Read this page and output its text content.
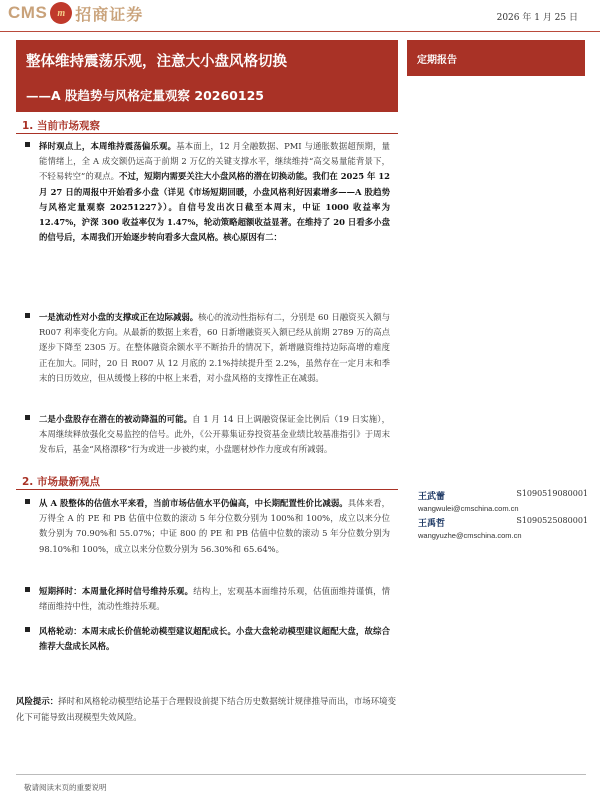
CMS m 招商证券	2026 年 1 月 25 日
整体维持震荡乐观，注意大小盘风格切换
——A 股趋势与风格定量观察 20260125
定期报告
1. 当前市场观察

择时观点上，本周维持震荡偏乐观。基本面上，12 月全融数据、PMI 与通胀数据超预期，量能情绪上，全 A 成交额仍远高于前期 2 万亿的关键支撑水平，继续维持“高交易量能背景下，不轻易转空”的观点。不过，短期内需要关注大小盘风格的潜在切换动能。我们在 2025 年 12 月 27 日的周报中开始看多小盘（详见《市场短期回暖，小盘风格利好因素增多——A 股趋势与风格定量观察 20251227》）。自信号发出次日截至本周末，中证 1000 收益率为 12.47%，沪深 300 收益率仅为 1.47%，轮动策略超额收益显著。在维持了 20 日看多小盘的信号后，本周我们开始逐步转向看多大盘风格。核心原因有二：

一是流动性对小盘的支撑或正在边际减弱。核心的流动性指标有二，分别是 60 日融资买入额与 R007 利率变化方向。从最新的数据上来看，60 日新增融资买入额已经从前期 2789 万的高点逐步下降至 2305 万。在整体融资余额水平不断抬升的情况下，新增融资维持边际高增的难度正在加大。同时，20 日 R007 从 12 月底的 2.1%持续提升至 2.2%，虽然存在一定月末和季末的日历效应，但从缓慢上移的中枢上来看，对小盘风格的支撑性正在减弱。

二是小盘股存在潜在的被动降温的可能。自 1 月 14 日上调融资保证金比例后（19 日实施），本周继续释放强化交易监控的信号。此外，《公开募集证券投资基金业绩比较基准指引》于周末发布后，基金“风格漂移”行为或进一步被约束，小盘题材炒作力度或有所减弱。

2. 市场最新观点

从 A 股整体的估值水平来看，当前市场估值水平仍偏高，中长期配置性价比减弱。具体来看，万得全 A 的 PE 和 PB 估值中位数的滚动 5 年分位数分别为 100%和 100%，成立以来分位数分别为 70.90%和 55.07%；中证 800 的 PE 和 PB 估值中位数的滚动 5 年分位数分别为 98.10%和 100%，成立以来分位数分别为 56.30%和 65.64%。

短期择时：本周量化择时信号维持乐观。结构上，宏观基本面维持乐观，估值面维持谨慎，情绪面维持中性，流动性维持乐观。

风格轮动：本周末成长价值轮动模型建议超配成长。小盘大盘轮动模型建议超配大盘，故综合推荐大盘成长风格。

王武蕾	S1090519080001
wangwulei@cmschina.com.cn
王禹哲	S1090525080001
wangyuzhe@cmschina.com.cn
风险提示：择时和风格轮动模型结论基于合理假设前提下结合历史数据统计规律推导而出，市场环境变化下可能导致出现模型失效风险。
敬请阅读末页的重要说明
